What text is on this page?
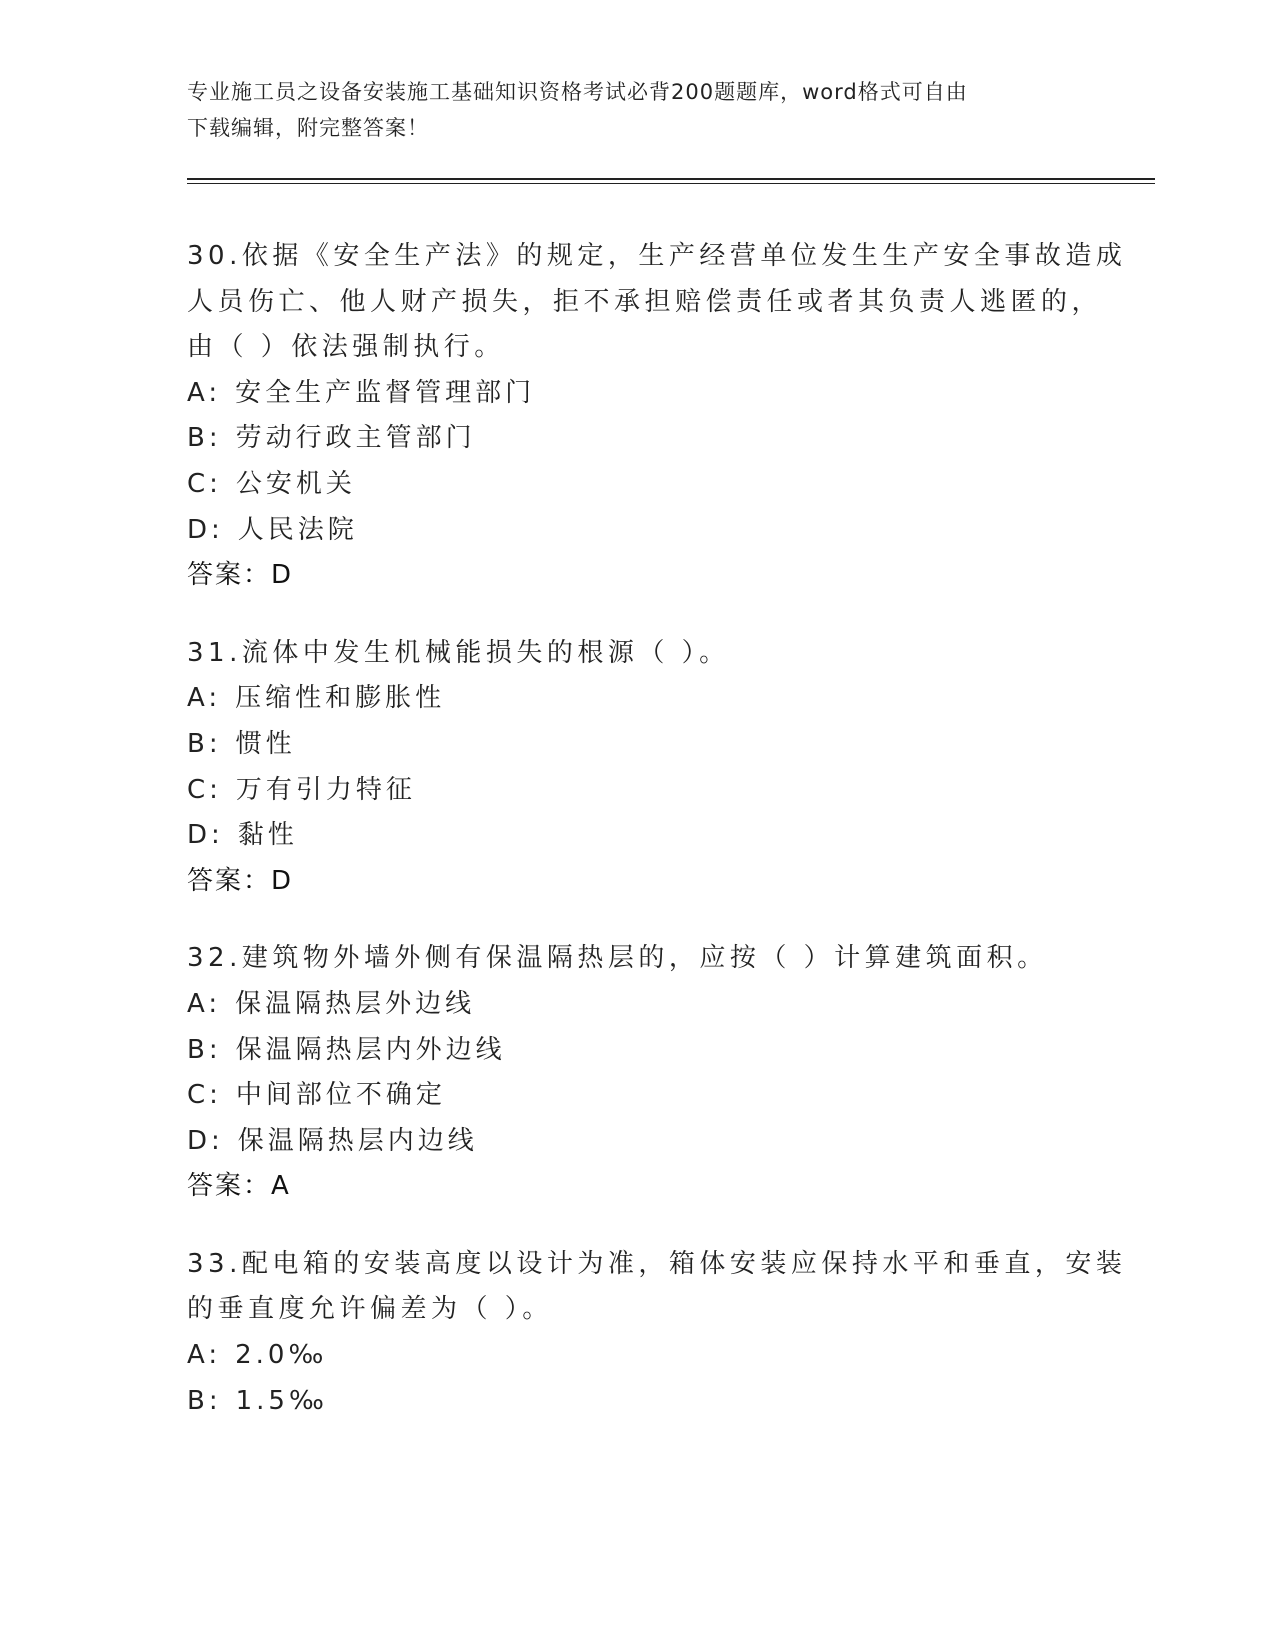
专业施工员之设备安装施工基础知识资格考试必背200题题库，word格式可自由
下载编辑，附完整答案！
30.依据《安全生产法》的规定，生产经营单位发生生产安全事故造成
人员伤亡、他人财产损失，拒不承担赔偿责任或者其负责人逃匿的，
由（ ）依法强制执行。
A: 安全生产监督管理部门
B: 劳动行政主管部门
C: 公安机关
D: 人民法院
答案：D
31.流体中发生机械能损失的根源（ ）。
A: 压缩性和膨胀性
B: 惯性
C: 万有引力特征
D: 黏性
答案：D
32.建筑物外墙外侧有保温隔热层的，应按（ ）计算建筑面积。
A: 保温隔热层外边线
B: 保温隔热层内外边线
C: 中间部位不确定
D: 保温隔热层内边线
答案：A
33.配电箱的安装高度以设计为准，箱体安装应保持水平和垂直，安装
的垂直度允许偏差为（ ）。
A: 2.0‰
B: 1.5‰
